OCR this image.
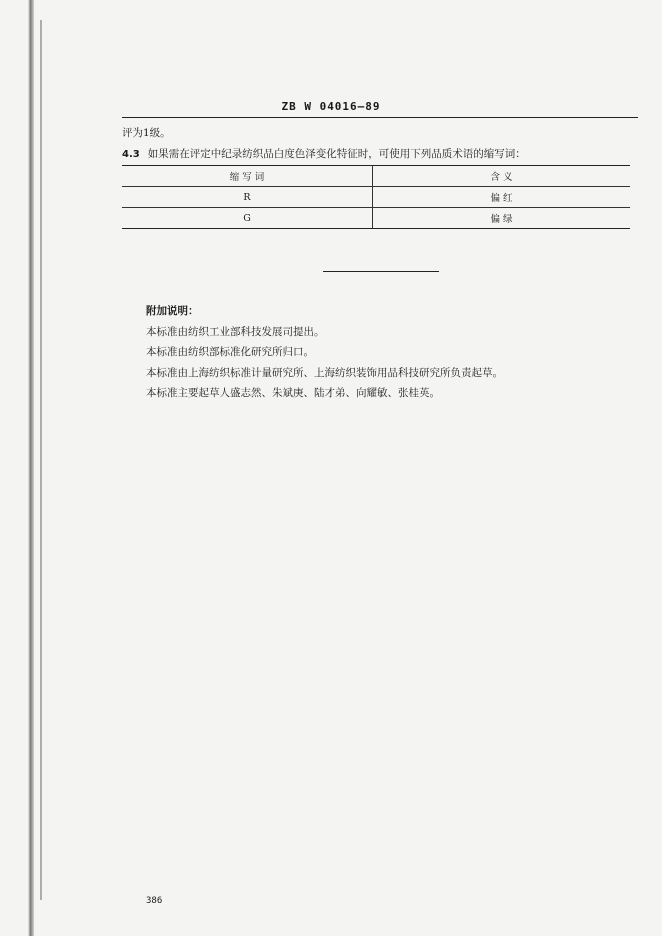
ZB W 04016—89
评为1级。
4.3 如果需在评定中纪录纺织品白度色泽变化特征时，可使用下列品质术语的缩写词：
缩 写 词	含 义
R	偏 红
G	偏 绿
附加说明：
本标准由纺织工业部科技发展司提出。
本标准由纺织部标准化研究所归口。
本标准由上海纺织标准计量研究所、上海纺织装饰用品科技研究所负责起草。
本标准主要起草人盛志然、朱斌庚、陆才弟、向耀敏、张桂英。
386
